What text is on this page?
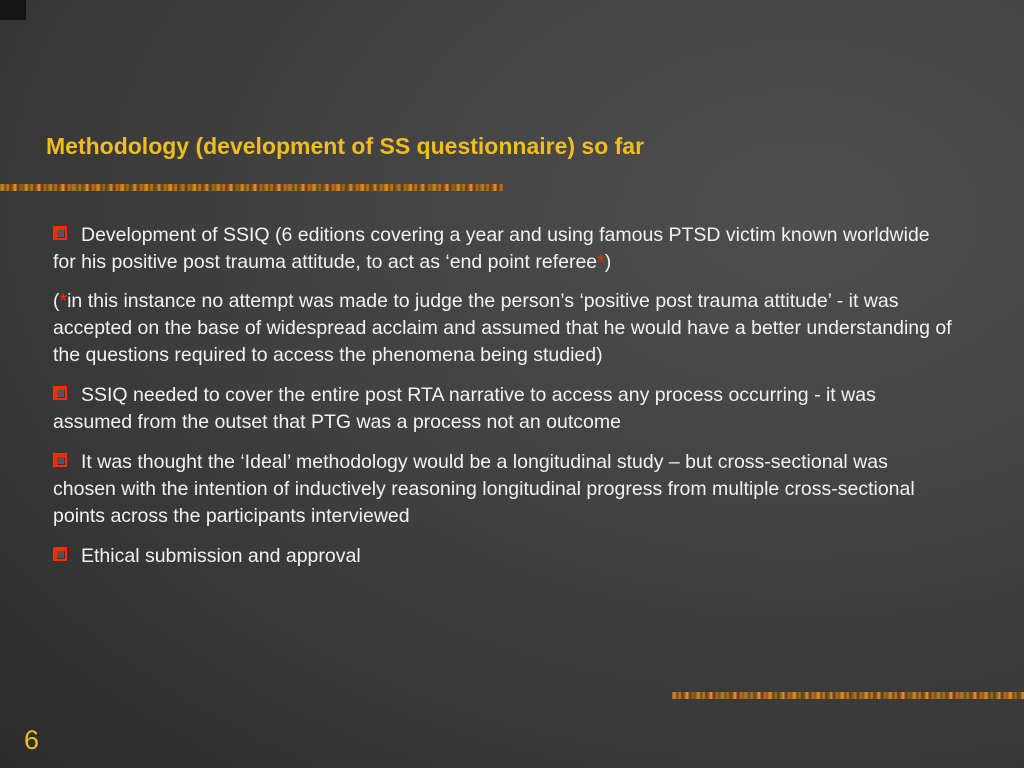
Methodology (development of SS questionnaire) so far

Development of SSIQ (6 editions covering a year and using famous PTSD victim known worldwide for his positive post trauma attitude, to act as ‘end point referee*)

(*in this instance no attempt was made to judge the person’s ‘positive post trauma attitude’ - it was accepted on the base of widespread acclaim and assumed that he would have a better understanding of the questions required to access the phenomena being studied)

SSIQ needed to cover the entire post RTA narrative to access any process occurring - it was assumed from the outset that PTG was a process not an outcome

It was thought the ‘Ideal’ methodology would be a longitudinal study – but cross-sectional was chosen with the intention of inductively reasoning longitudinal progress from multiple cross-sectional points across the participants interviewed

Ethical submission and approval

6
